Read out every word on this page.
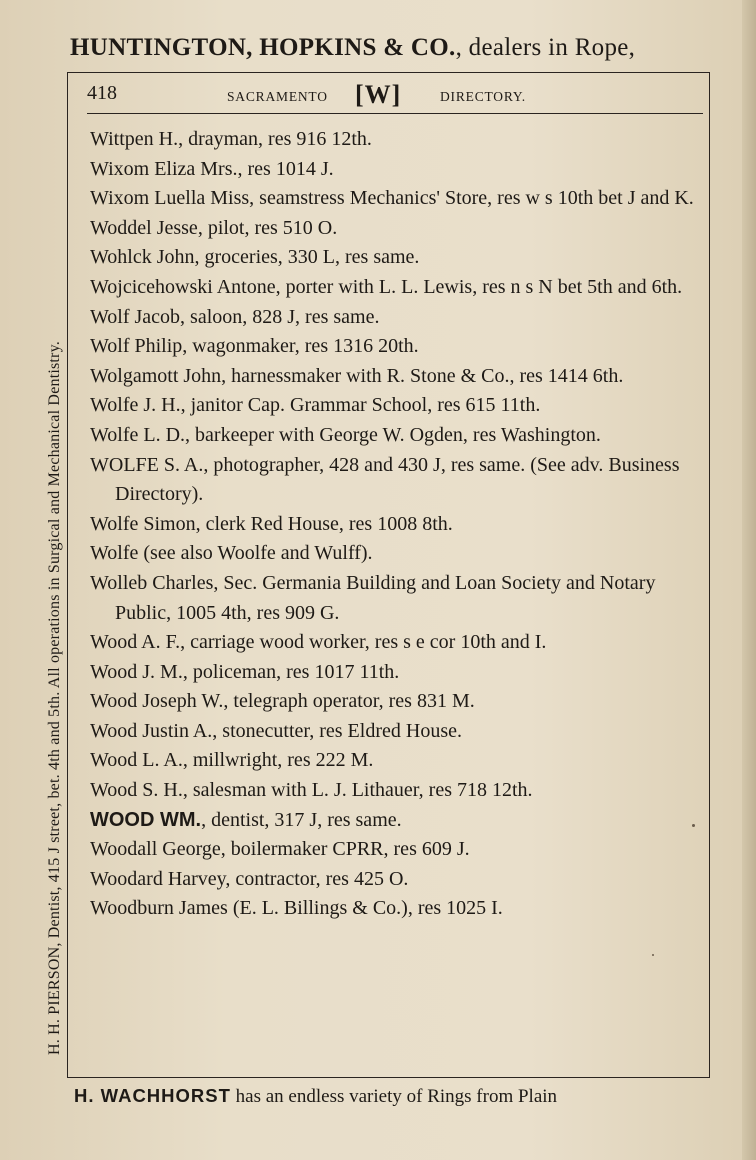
HUNTINGTON, HOPKINS & CO., dealers in Rope,
418	SACRAMENTO [W]	DIRECTORY.
Wittpen H., drayman, res 916 12th.
Wixom Eliza Mrs., res 1014 J.
Wixom Luella Miss, seamstress Mechanics' Store, res w s 10th bet J and K.
Woddel Jesse, pilot, res 510 O.
Wohlck John, groceries, 330 L, res same.
Wojcicehowski Antone, porter with L. L. Lewis, res n s N bet 5th and 6th.
Wolf Jacob, saloon, 828 J, res same.
Wolf Philip, wagonmaker, res 1316 20th.
Wolgamott John, harnessmaker with R. Stone & Co., res 1414 6th.
Wolfe J. H., janitor Cap. Grammar School, res 615 11th.
Wolfe L. D., barkeeper with George W. Ogden, res Washington.
WOLFE S. A., photographer, 428 and 430 J, res same. (See adv. Business Directory).
Wolfe Simon, clerk Red House, res 1008 8th.
Wolfe (see also Woolfe and Wulff).
Wolleb Charles, Sec. Germania Building and Loan Society and Notary Public, 1005 4th, res 909 G.
Wood A. F., carriage wood worker, res s e cor 10th and I.
Wood J. M., policeman, res 1017 11th.
Wood Joseph W., telegraph operator, res 831 M.
Wood Justin A., stonecutter, res Eldred House.
Wood L. A., millwright, res 222 M.
Wood S. H., salesman with L. J. Lithauer, res 718 12th.
WOOD WM., dentist, 317 J, res same.
Woodall George, boilermaker CPRR, res 609 J.
Woodard Harvey, contractor, res 425 O.
Woodburn James (E. L. Billings & Co.), res 1025 I.
H. H. PIERSON, Dentist, 415 J street, bet. 4th and 5th. All operations in Surgical and Mechanical Dentistry.
H. WACHHORST has an endless variety of Rings from Plain
